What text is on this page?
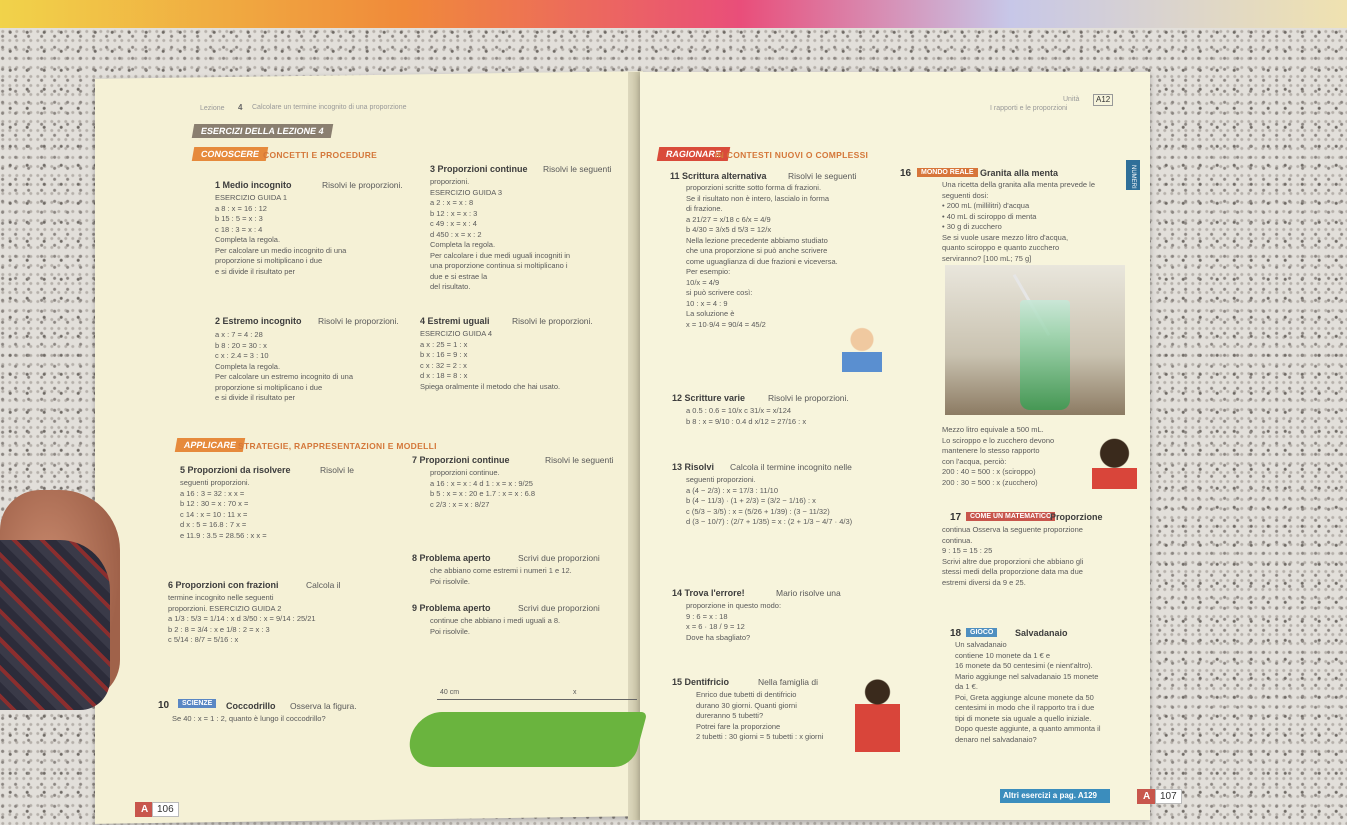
Lezione 4 Calcolare un termine incognito di una proporzione
ESERCIZI DELLA LEZIONE 4
CONOSCERE CONCETTI E PROCEDURE
1 Medio incognito	Risolvi le proporzioni.
ESERCIZIO GUIDA 1
a 8 : x = 16 : 12
b 15 : 5 = x : 3
c 18 : 3 = x : 4
Completa la regola.
Per calcolare un medio incognito di una
proporzione si moltiplicano i due
e si divide il risultato per
2 Estremo incognito Risolvi le proporzioni.
a x : 7 = 4 : 28
b 8 : 20 = 30 : x
c x : 2.4 = 3 : 10
Completa la regola.
Per calcolare un estremo incognito di una
proporzione si moltiplicano i due
e si divide il risultato per
3 Proporzioni continue Risolvi le seguenti
proporzioni.
ESERCIZIO GUIDA 3
a 2 : x = x : 8
b 12 : x = x : 3
c 49 : x = x : 4
d 450 : x = x : 2
Completa la regola.
Per calcolare i due medi uguali incogniti in
una proporzione continua si moltiplicano i
due e si estrae la
del risultato.
4 Estremi uguali	Risolvi le proporzioni.
ESERCIZIO GUIDA 4
a x : 25 = 1 : x
b x : 16 = 9 : x
c x : 32 = 2 : x
d x : 18 = 8 : x
Spiega oralmente il metodo che hai usato.
APPLICARE STRATEGIE, RAPPRESENTAZIONI E MODELLI
5 Proporzioni da risolvere	Risolvi le
seguenti proporzioni.
a 16 : 3 = 32 : x x =
b 12 : 30 = x : 70 x =
c 14 : x = 10 : 11 x =
d x : 5 = 16.8 : 7 x =
e 11.9 : 3.5 = 28.56 : x x =
6 Proporzioni con frazioni	Calcola il
termine incognito nelle seguenti
proporzioni. ESERCIZIO GUIDA 2
a 1/3 : 5/3 = 1/14 : x d 3/50 : x = 9/14 : 25/21
b 2 : 8 = 3/4 : x e 1/8 : 2 = x : 3
c 5/14 : 8/7 = 5/16 : x
7 Proporzioni continue	Risolvi le seguenti
proporzioni continue.
a 16 : x = x : 4 d 1 : x = x : 9/25
b 5 : x = x : 20 e 1.7 : x = x : 6.8
c 2/3 : x = x : 8/27
8 Problema aperto	Scrivi due proporzioni
che abbiano come estremi i numeri 1 e 12.
Poi risolvile.
9 Problema aperto	Scrivi due proporzioni
continue che abbiano i medi uguali a 8.
Poi risolvile.
10	SCIENZE	Coccodrillo Osserva la figura.
Se 40 : x = 1 : 2, quanto è lungo il coccodrillo?
40 cm	x
A 106
I rapporti e le proporzioni
Unità	A12
RAGIONARE
IN CONTESTI NUOVI O COMPLESSI
11 Scrittura alternativa	Risolvi le seguenti
proporzioni scritte sotto forma di frazioni.
Se il risultato non è intero, lascialo in forma
di frazione.
a 21/27 = x/18 c 6/x = 4/9
b 4/30 = 3/x5 d 5/3 = 12/x
Nella lezione precedente abbiamo studiato
che una proporzione si può anche scrivere
come uguaglianza di due frazioni e viceversa.
Per esempio:
10/x = 4/9
si può scrivere così:
10 : x = 4 : 9
La soluzione è
x = 10·9/4 = 90/4 = 45/2
12 Scritture varie	Risolvi le proporzioni.
a 0.5 : 0.6 = 10/x c 31/x = x/124
b 8 : x = 9/10 : 0.4 d x/12 = 27/16 : x
13 Risolvi Calcola il termine incognito nelle
seguenti proporzioni.
a (4 − 2/3) : x = 17/3 : 11/10
b (4 − 11/3) · (1 + 2/3) = (3/2 − 1/16) : x
c (5/3 − 3/5) : x = (5/26 + 1/39) : (3 − 11/32)
d (3 − 10/7) : (2/7 + 1/35) = x : (2 + 1/3 − 4/7 · 4/3)
14 Trova l'errore!	Mario risolve una
proporzione in questo modo:
9 : 6 = x : 18
x = 6 · 18 / 9 = 12
Dove ha sbagliato?
15 Dentifricio	Nella famiglia di
Enrico due tubetti di dentifricio
durano 30 giorni. Quanti giorni
dureranno 5 tubetti?
Potrei fare la proporzione
2 tubetti : 30 giorni = 5 tubetti : x giorni
16	MONDO REALE Granita alla menta
Una ricetta della granita alla menta prevede le
seguenti dosi:
• 200 mL (millilitri) d'acqua
• 40 mL di sciroppo di menta
• 30 g di zucchero
Se si vuole usare mezzo litro d'acqua,
quanto sciroppo e quanto zucchero
serviranno? [100 mL; 75 g]
Mezzo litro equivale a 500 mL.
Lo sciroppo e lo zucchero devono
mantenere lo stesso rapporto
con l'acqua, perciò:
200 : 40 = 500 : x (sciroppo)
200 : 30 = 500 : x (zucchero)
17	COME UN MATEMATICO
Proporzione
continua Osserva la seguente proporzione
continua.
9 : 15 = 15 : 25
Scrivi altre due proporzioni che abbiano gli
stessi medi della proporzione data ma due
estremi diversi da 9 e 25.
18	GIOCO	Salvadanaio
Un salvadanaio
contiene 10 monete da 1 € e
16 monete da 50 centesimi (e nient'altro).
Mario aggiunge nel salvadanaio 15 monete
da 1 €.
Poi, Greta aggiunge alcune monete da 50
centesimi in modo che il rapporto tra i due
tipi di monete sia uguale a quello iniziale.
Dopo queste aggiunte, a quanto ammonta il
denaro nel salvadanaio?
NUMERI
Altri esercizi a pag. A129	A 107
